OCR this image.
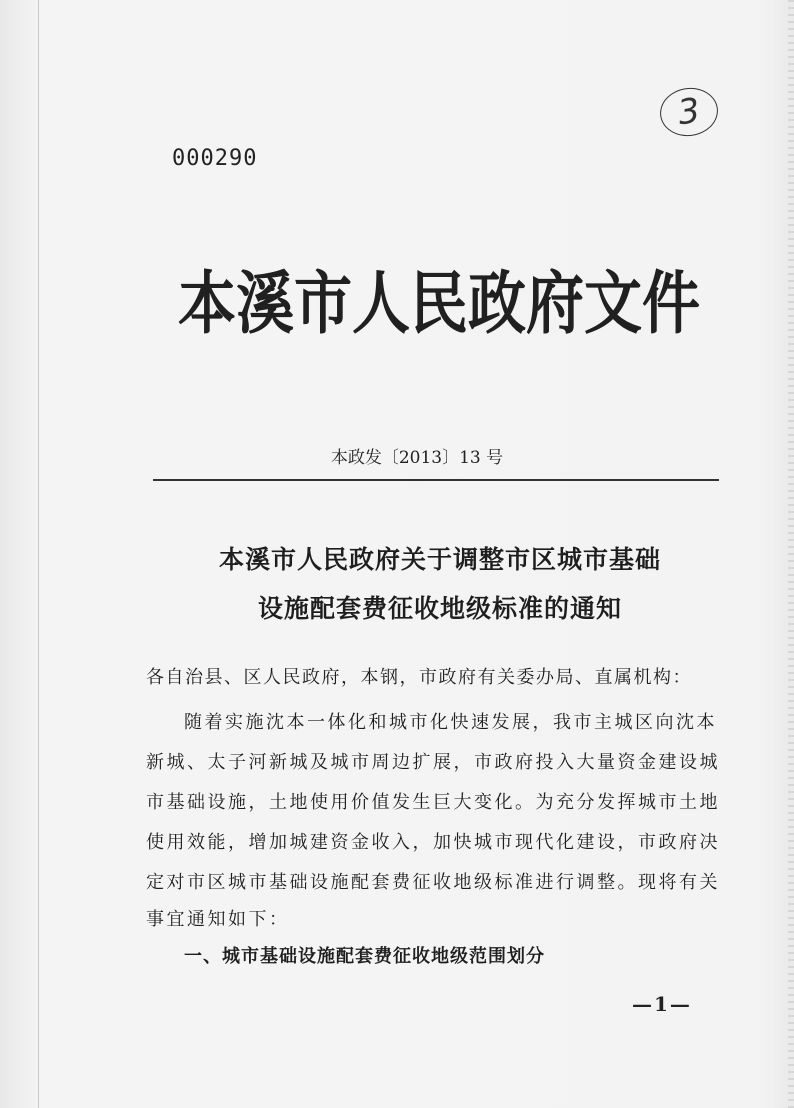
000290
3
本溪市人民政府文件
本政发〔2013〕13 号
本溪市人民政府关于调整市区城市基础
设施配套费征收地级标准的通知
各自治县、区人民政府，本钢，市政府有关委办局、直属机构：
随着实施沈本一体化和城市化快速发展，我市主城区向沈本
新城、太子河新城及城市周边扩展，市政府投入大量资金建设城
市基础设施，土地使用价值发生巨大变化。为充分发挥城市土地
使用效能，增加城建资金收入，加快城市现代化建设，市政府决
定对市区城市基础设施配套费征收地级标准进行调整。现将有关
事宜通知如下：
一、城市基础设施配套费征收地级范围划分
—1—
